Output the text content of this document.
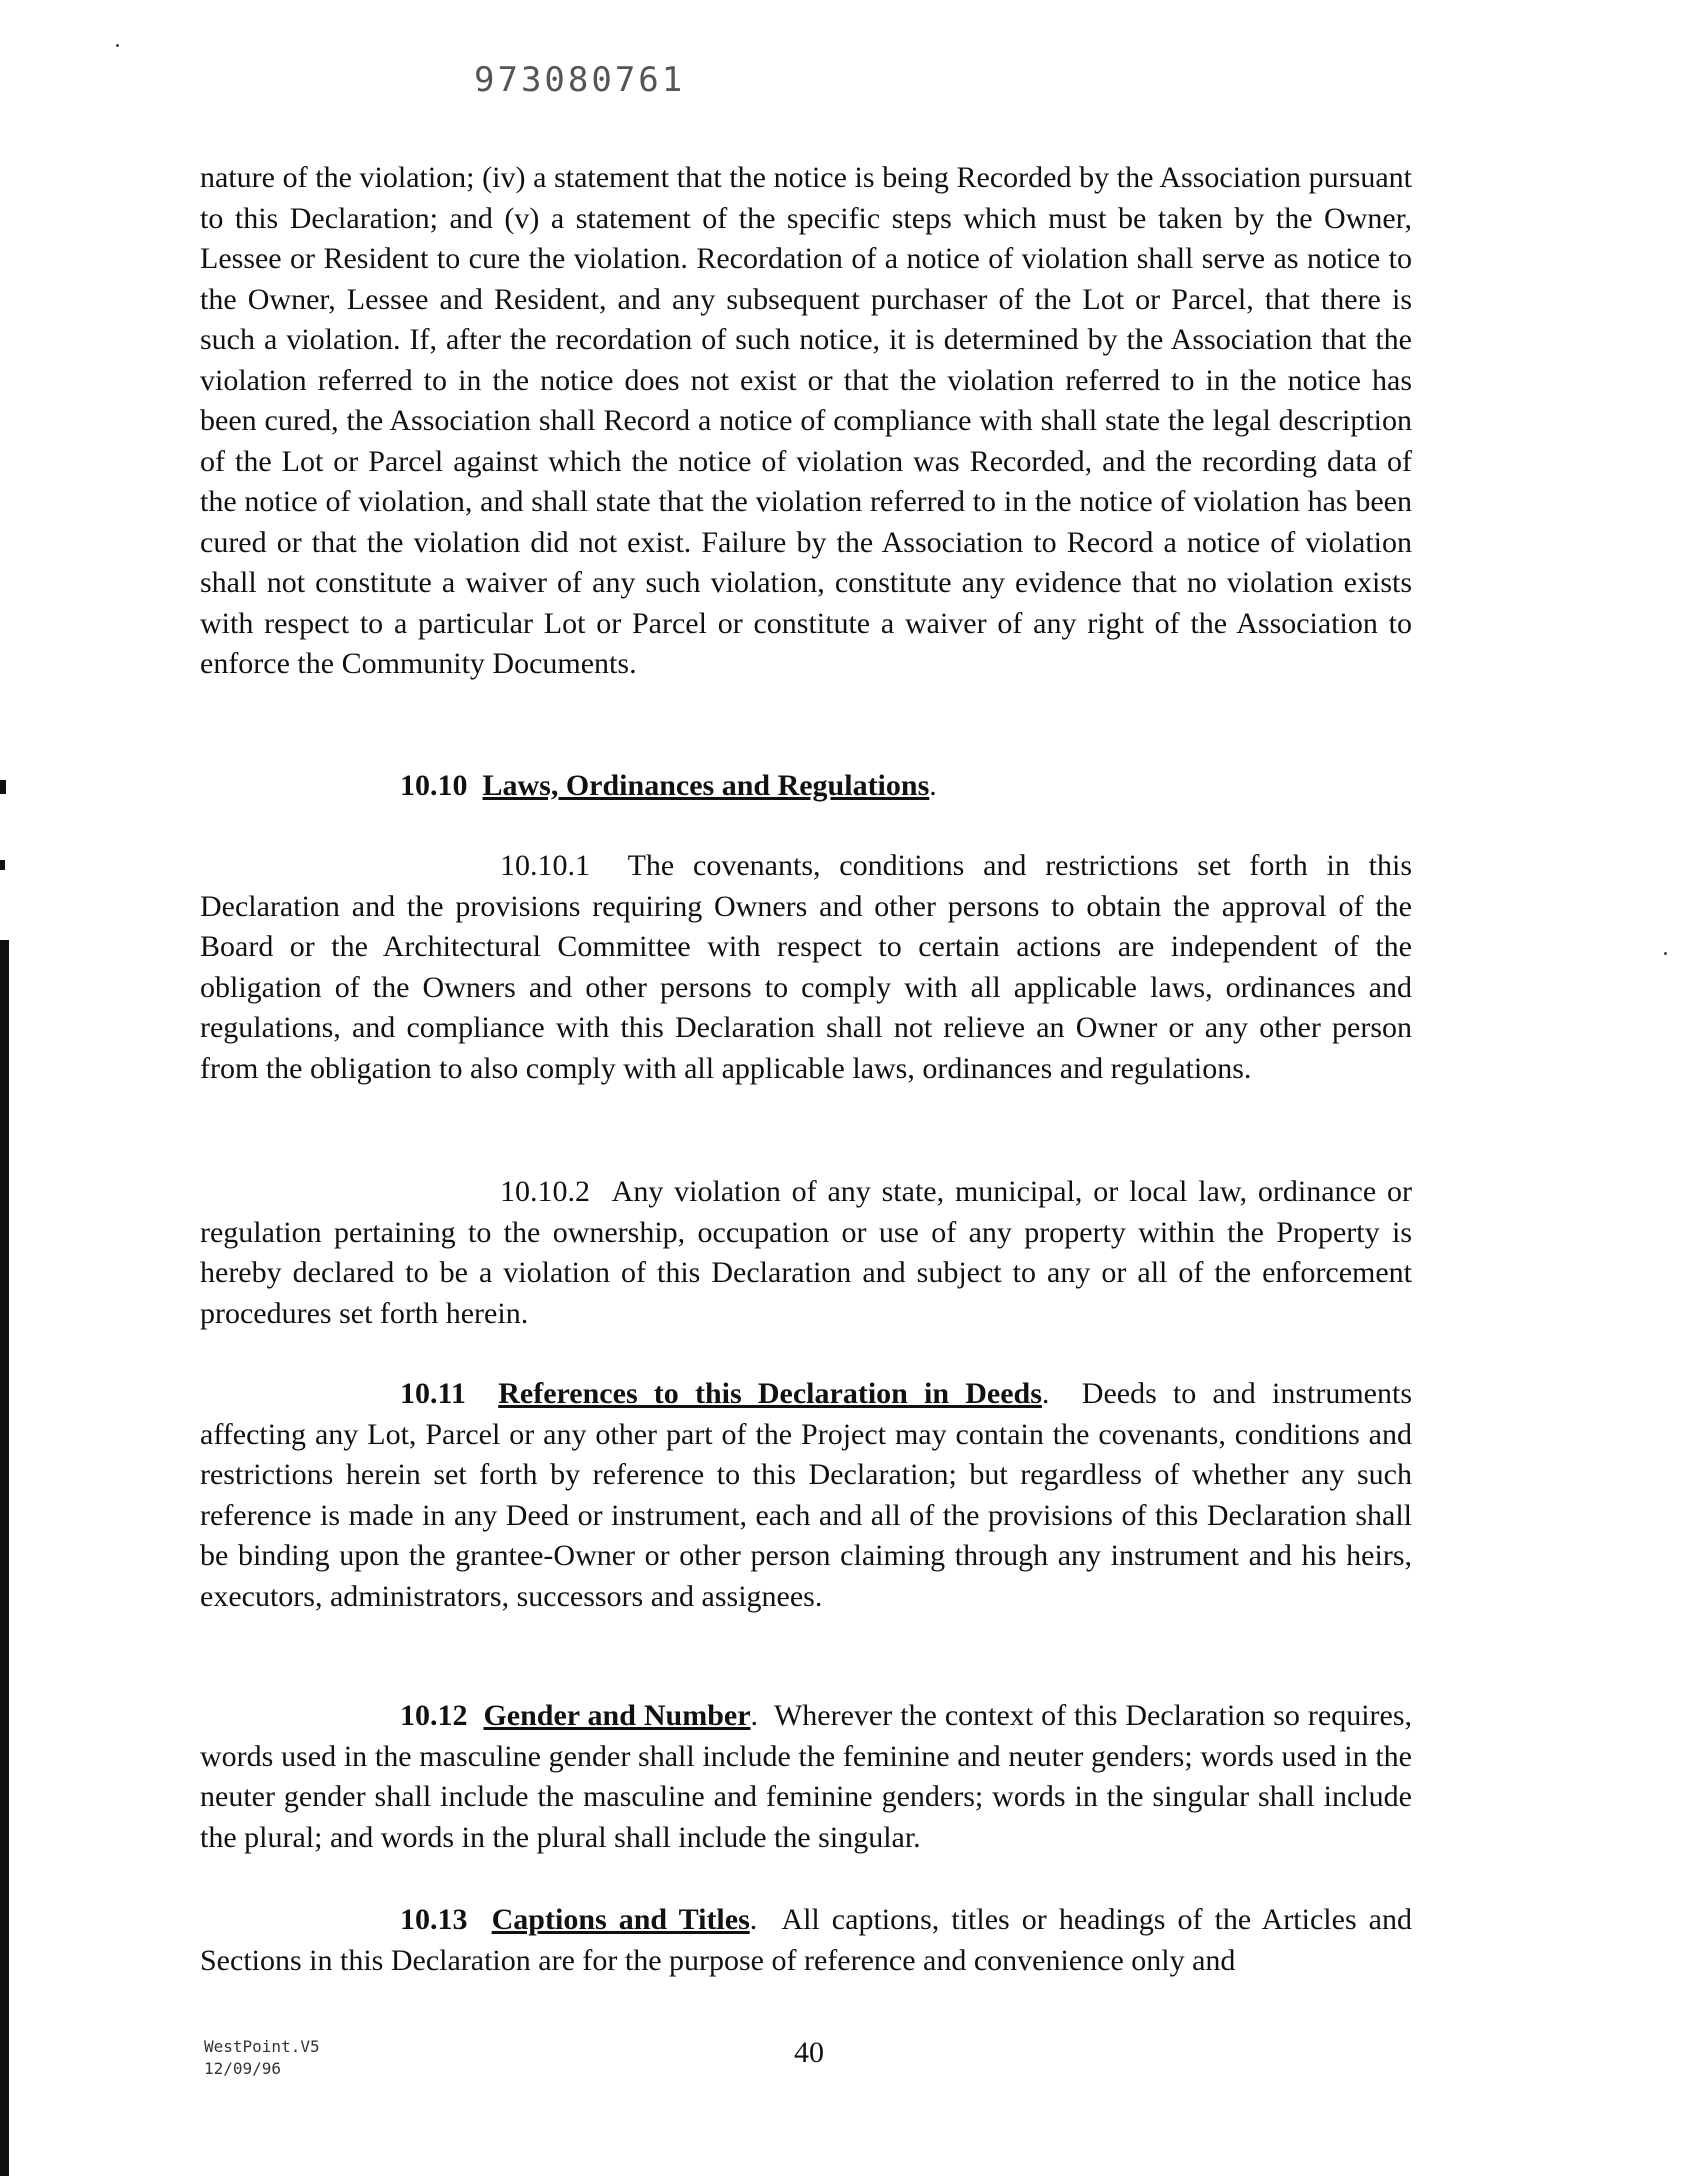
973080761

nature of the violation; (iv) a statement that the notice is being Recorded by the Association pursuant to this Declaration; and (v) a statement of the specific steps which must be taken by the Owner, Lessee or Resident to cure the violation. Recordation of a notice of violation shall serve as notice to the Owner, Lessee and Resident, and any subsequent purchaser of the Lot or Parcel, that there is such a violation. If, after the recordation of such notice, it is determined by the Association that the violation referred to in the notice does not exist or that the violation referred to in the notice has been cured, the Association shall Record a notice of compliance with shall state the legal description of the Lot or Parcel against which the notice of violation was Recorded, and the recording data of the notice of violation, and shall state that the violation referred to in the notice of violation has been cured or that the violation did not exist. Failure by the Association to Record a notice of violation shall not constitute a waiver of any such violation, constitute any evidence that no violation exists with respect to a particular Lot or Parcel or constitute a waiver of any right of the Association to enforce the Community Documents.

10.10 Laws, Ordinances and Regulations.

10.10.1 The covenants, conditions and restrictions set forth in this Declaration and the provisions requiring Owners and other persons to obtain the approval of the Board or the Architectural Committee with respect to certain actions are independent of the obligation of the Owners and other persons to comply with all applicable laws, ordinances and regulations, and compliance with this Declaration shall not relieve an Owner or any other person from the obligation to also comply with all applicable laws, ordinances and regulations.

10.10.2 Any violation of any state, municipal, or local law, ordinance or regulation pertaining to the ownership, occupation or use of any property within the Property is hereby declared to be a violation of this Declaration and subject to any or all of the enforcement procedures set forth herein.

10.11 References to this Declaration in Deeds. Deeds to and instruments affecting any Lot, Parcel or any other part of the Project may contain the covenants, conditions and restrictions herein set forth by reference to this Declaration; but regardless of whether any such reference is made in any Deed or instrument, each and all of the provisions of this Declaration shall be binding upon the grantee-Owner or other person claiming through any instrument and his heirs, executors, administrators, successors and assignees.

10.12 Gender and Number. Wherever the context of this Declaration so requires, words used in the masculine gender shall include the feminine and neuter genders; words used in the neuter gender shall include the masculine and feminine genders; words in the singular shall include the plural; and words in the plural shall include the singular.

10.13 Captions and Titles. All captions, titles or headings of the Articles and Sections in this Declaration are for the purpose of reference and convenience only and

WestPoint.V5
12/09/96	40
